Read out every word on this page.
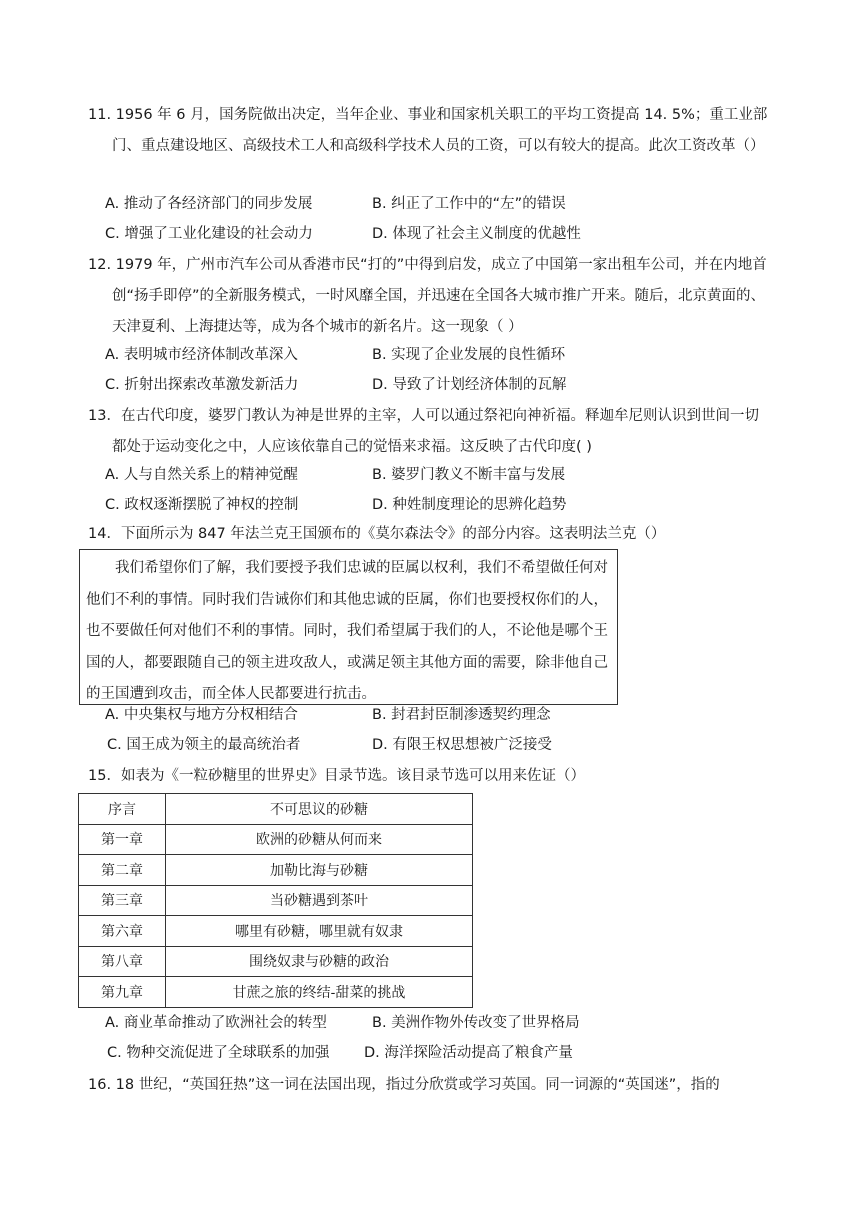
11. 1956 年 6 月，国务院做出决定，当年企业、事业和国家机关职工的平均工资提高 14. 5%；重工业部门、重点建设地区、高级技术工人和高级科学技术人员的工资，可以有较大的提高。此次工资改革（）

A. 推动了各经济部门的同步发展	B. 纠正了工作中的“左”的错误
C. 增强了工业化建设的社会动力	D. 体现了社会主义制度的优越性

12. 1979 年，广州市汽车公司从香港市民“打的”中得到启发，成立了中国第一家出租车公司，并在内地首创“扬手即停”的全新服务模式，一时风靡全国，并迅速在全国各大城市推广开来。随后，北京黄面的、天津夏利、上海捷达等，成为各个城市的新名片。这一现象（ ）

A. 表明城市经济体制改革深入	B. 实现了企业发展的良性循环
C. 折射出探索改革激发新活力	D. 导致了计划经济体制的瓦解

13．在古代印度，婆罗门教认为神是世界的主宰，人可以通过祭祀向神祈福。释迦牟尼则认识到世间一切都处于运动变化之中，人应该依靠自己的觉悟来求福。这反映了古代印度( )

A. 人与自然关系上的精神觉醒	B. 婆罗门教义不断丰富与发展
C. 政权逐渐摆脱了神权的控制	D. 种姓制度理论的思辨化趋势

14．下面所示为 847 年法兰克王国颁布的《莫尔森法令》的部分内容。这表明法兰克（）

我们希望你们了解，我们要授予我们忠诚的臣属以权利，我们不希望做任何对他们不利的事情。同时我们告诫你们和其他忠诚的臣属，你们也要授权你们的人，也不要做任何对他们不利的事情。同时，我们希望属于我们的人，不论他是哪个王国的人，都要跟随自己的领主进攻敌人，或满足领主其他方面的需要，除非他自己的王国遭到攻击，而全体人民都要进行抗击。

A. 中央集权与地方分权相结合	B. 封君封臣制渗透契约理念
C. 国王成为领主的最高统治者	D. 有限王权思想被广泛接受

15．如表为《一粒砂糖里的世界史》目录节选。该目录节选可以用来佐证（）

序言	不可思议的砂糖
第一章	欧洲的砂糖从何而来
第二章	加勒比海与砂糖
第三章	当砂糖遇到茶叶
第六章	哪里有砂糖，哪里就有奴隶
第八章	围绕奴隶与砂糖的政治
第九章	甘蔗之旅的终结-甜菜的挑战
A. 商业革命推动了欧洲社会的转型	B. 美洲作物外传改变了世界格局
C. 物种交流促进了全球联系的加强 D. 海洋探险活动提高了粮食产量

16. 18 世纪，“英国狂热”这一词在法国出现，指过分欣赏或学习英国。同一词源的“英国迷”，指的
